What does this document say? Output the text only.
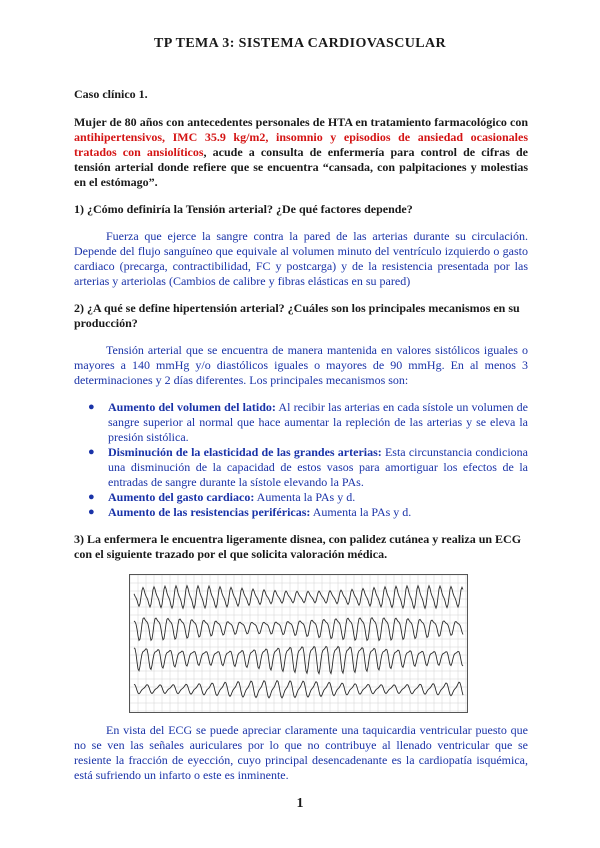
TP TEMA 3: SISTEMA CARDIOVASCULAR

Caso clínico 1.

Mujer de 80 años con antecedentes personales de HTA en tratamiento farmacológico con antihipertensivos, IMC 35.9 kg/m2, insomnio y episodios de ansiedad ocasionales tratados con ansiolíticos, acude a consulta de enfermería para control de cifras de tensión arterial donde refiere que se encuentra “cansada, con palpitaciones y molestias en el estómago”.

1) ¿Cómo definiría la Tensión arterial? ¿De qué factores depende?

Fuerza que ejerce la sangre contra la pared de las arterias durante su circulación. Depende del flujo sanguíneo que equivale al volumen minuto del ventrículo izquierdo o gasto cardiaco (precarga, contractibilidad, FC y postcarga) y de la resistencia presentada por las arterias y arteriolas (Cambios de calibre y fibras elásticas en su pared)

2) ¿A qué se define hipertensión arterial? ¿Cuáles son los principales mecanismos en su producción?

Tensión arterial que se encuentra de manera mantenida en valores sistólicos iguales o mayores a 140 mmHg y/o diastólicos iguales o mayores de 90 mmHg. En al menos 3 determinaciones y 2 días diferentes. Los principales mecanismos son:

● Aumento del volumen del latido: Al recibir las arterias en cada sístole un volumen de sangre superior al normal que hace aumentar la repleción de las arterias y se eleva la presión sistólica.
● Disminución de la elasticidad de las grandes arterias: Esta circunstancia condiciona una disminución de la capacidad de estos vasos para amortiguar los efectos de la entradas de sangre durante la sístole elevando la PAs.
● Aumento del gasto cardiaco: Aumenta la PAs y d.
● Aumento de las resistencias periféricas: Aumenta la PAs y d.

3) La enfermera le encuentra ligeramente disnea, con palidez cutánea y realiza un ECG con el siguiente trazado por el que solicita valoración médica.

En vista del ECG se puede apreciar claramente una taquicardia ventricular puesto que no se ven las señales auriculares por lo que no contribuye al llenado ventricular que se resiente la fracción de eyección, cuyo principal desencadenante es la cardiopatía isquémica, está sufriendo un infarto o este es inminente.

1
